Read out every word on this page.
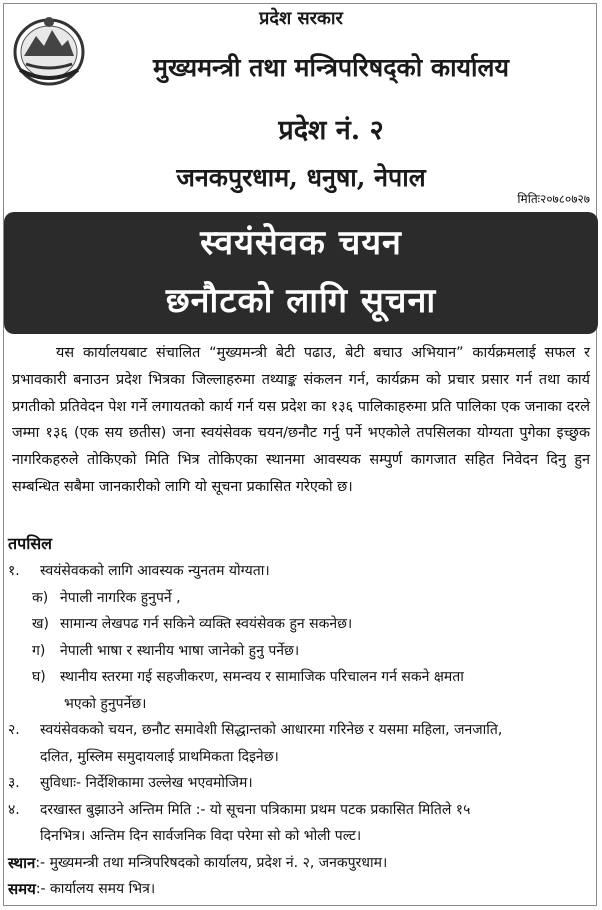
प्रदेश सरकार
मुख्यमन्त्री तथा मन्त्रिपरिषद्को कार्यालय
प्रदेश नं. २
जनकपुरधाम, धनुषा, नेपाल
मितिः२०७८०७२७
स्वयंसेवक चयन
छनौटको लागि सूचना

यस कार्यालयबाट संचालित “मुख्यमन्त्री बेटी पढाउ, बेटी बचाउ अभियान” कार्यक्रमलाई सफल र प्रभावकारी बनाउन प्रदेश भित्रका जिल्लाहरुमा तथ्याङ्क संकलन गर्न, कार्यक्रम को प्रचार प्रसार गर्न तथा कार्य प्रगतीको प्रतिवेदन पेश गर्ने लगायतको कार्य गर्न यस प्रदेश का १३६ पालिकाहरुमा प्रति पालिका एक जनाका दरले जम्मा १३६ (एक सय छतीस) जना स्वयंसेवक चयन/छनौट गर्नु पर्ने भएकोले तपसिलका योग्यता पुगेका इच्छुक नागरिकहरुले तोकिएको मिति भित्र तोकिएका स्थानमा आवस्यक सम्पुर्ण कागजात सहित निवेदन दिनु हुन सम्बन्धित सबैमा जानकारीको लागि यो सूचना प्रकासित गरेएको छ।

तपसिल
१.	स्वयंसेवकको लागि आवस्यक न्युनतम योग्यता।
क) नेपाली नागरिक हुनुपर्ने ,
ख) सामान्य लेखपढ गर्न सकिने व्यक्ति स्वयंसेवक हुन सकनेछ।
ग)	नेपाली भाषा र स्थानीय भाषा जानेको हुनु पर्नेछ।
घ)	स्थानीय स्तरमा गई सहजीकरण, समन्वय र सामाजिक परिचालन गर्न सकने क्षमता
भएको हुनुपर्नेछ।
२.	स्वयंसेवकको चयन, छनौट समावेशी सिद्धान्तको आधारमा गरिनेछ र यसमा महिला, जनजाति,
दलित, मुस्लिम समुदायलाई प्राथमिकता दिइनेछ।
३.	सुविधाः- निर्देशिकामा उल्लेख भएवमोजिम।
४.	दरखास्त बुझाउने अन्तिम मिति :- यो सूचना पत्रिकामा प्रथम पटक प्रकासित मितिले १५
दिनभित्र। अन्तिम दिन सार्वजनिक विदा परेमा सो को भोली पल्ट।
स्थान :- मुख्यमन्त्री तथा मन्त्रिपरिषदको कार्यालय, प्रदेश नं. २, जनकपुरधाम।
समय :- कार्यालय समय भित्र।
